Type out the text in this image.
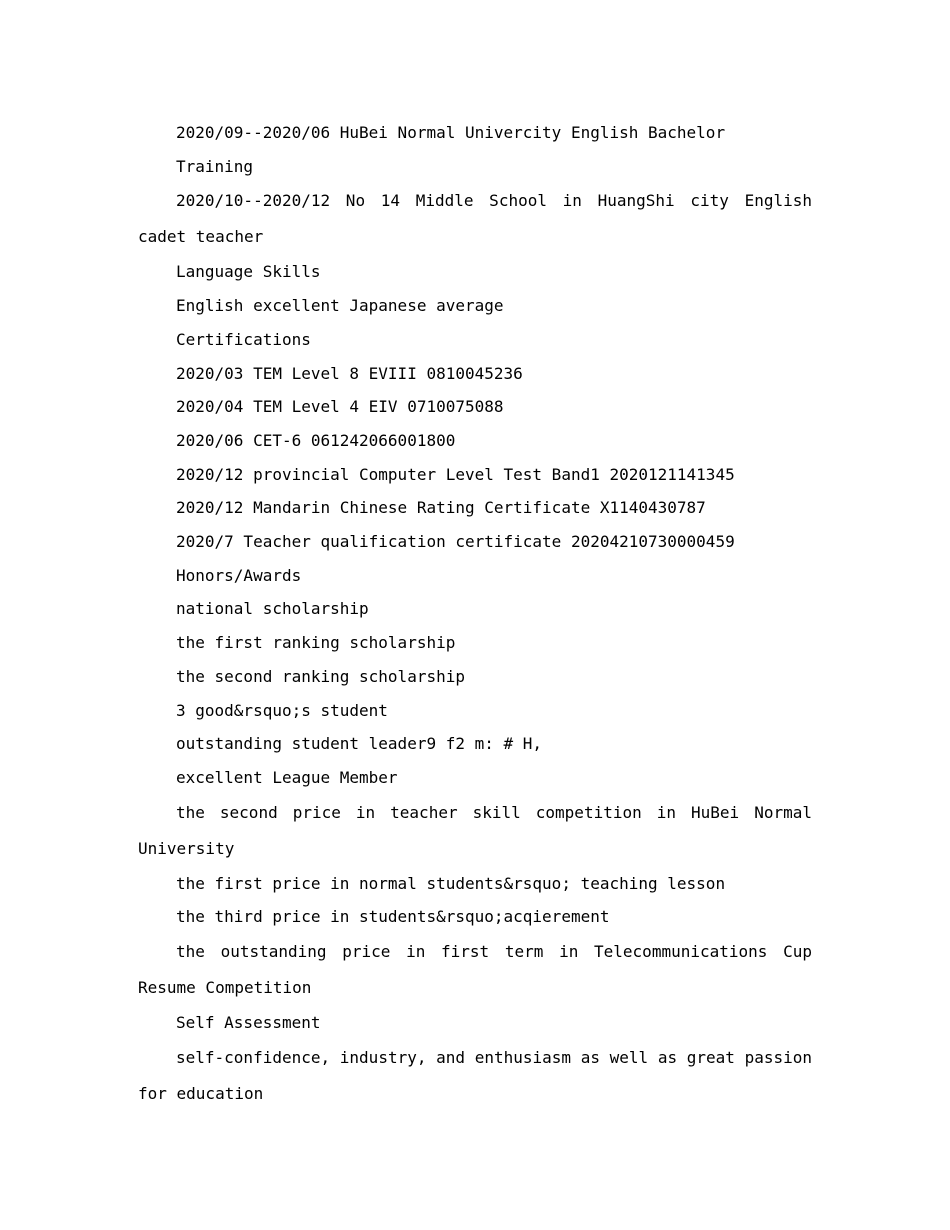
2020/09--2020/06 HuBei Normal Univercity English Bachelor

Training

2020/10--2020/12 No 14 Middle School in HuangShi city English cadet teacher

Language Skills

English excellent Japanese average

Certifications

2020/03 TEM Level 8 EVIII 0810045236

2020/04 TEM Level 4 EIV 0710075088

2020/06 CET-6 061242066001800

2020/12 provincial Computer Level Test Band1 2020121141345

2020/12 Mandarin Chinese Rating Certificate X1140430787

2020/7 Teacher qualification certificate 20204210730000459

Honors/Awards

national scholarship

the first ranking scholarship

the second ranking scholarship

3 good&rsquo;s student

outstanding student leader9 f2 m: # H,

excellent League Member

the second price in teacher skill competition in HuBei Normal University

the first price in normal students&rsquo; teaching lesson

the third price in students&rsquo;acqierement

the outstanding price in first term in Telecommunications Cup Resume Competition

Self Assessment

self-confidence, industry, and enthusiasm as well as great passion for education
